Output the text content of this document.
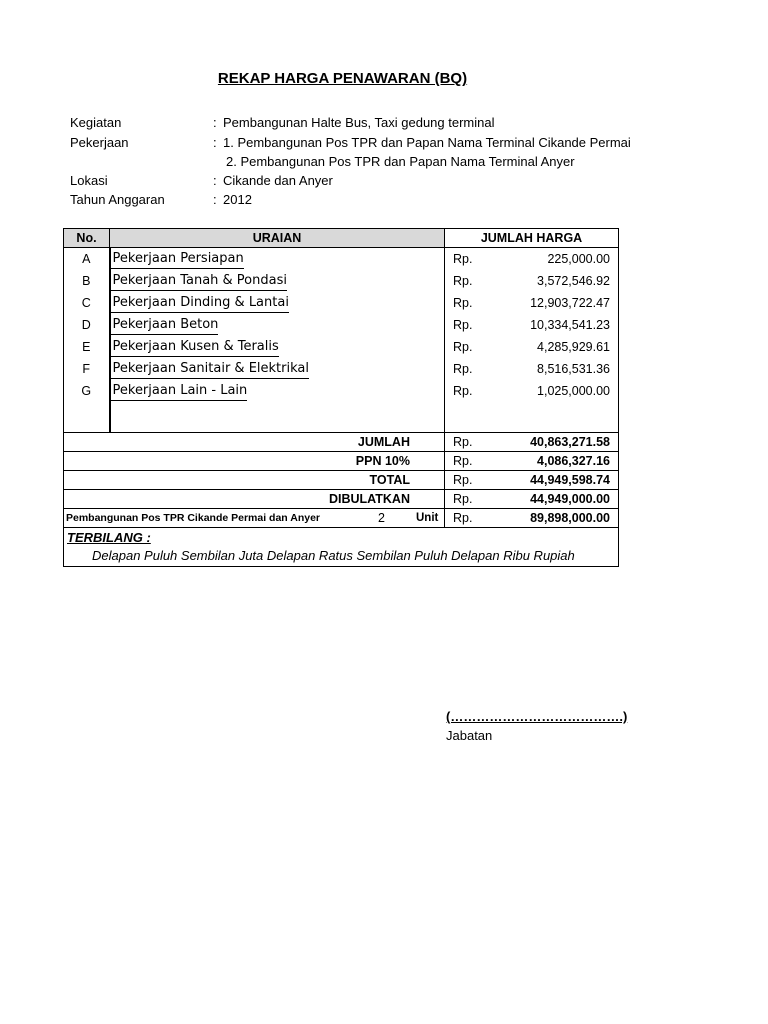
REKAP HARGA PENAWARAN (BQ)
Kegiatan	: Pembangunan Halte Bus, Taxi gedung terminal
Pekerjaan	: 1. Pembangunan Pos TPR dan Papan Nama Terminal Cikande Permai
2. Pembangunan Pos TPR dan Papan Nama Terminal Anyer
Lokasi	: Cikande dan Anyer
Tahun Anggaran	: 2012
No.	URAIAN	JUMLAH HARGA	
A	Pekerjaan Persiapan	Rp.	225,000.00
B	Pekerjaan Tanah & Pondasi	Rp.	3,572,546.92
C	Pekerjaan Dinding & Lantai	Rp.	12,903,722.47
D	Pekerjaan Beton	Rp.	10,334,541.23
E	Pekerjaan Kusen & Teralis	Rp.	4,285,929.61
F	Pekerjaan Sanitair & Elektrikal	Rp.	8,516,531.36
G	Pekerjaan Lain - Lain	Rp.	1,025,000.00

JUMLAH		Rp.	40,863,271.58
PPN 10%		Rp.	4,086,327.16
TOTAL		Rp.	44,949,598.74
DIBULATKAN		Rp.	44,949,000.00

Pembangunan Pos TPR Cikande Permai dan Anyer 2 Unit		Rp.	89,898,000.00

TERBILANG :
Delapan Puluh Sembilan Juta Delapan Ratus Sembilan Puluh Delapan Ribu Rupiah			
(………………………………….)
Jabatan
